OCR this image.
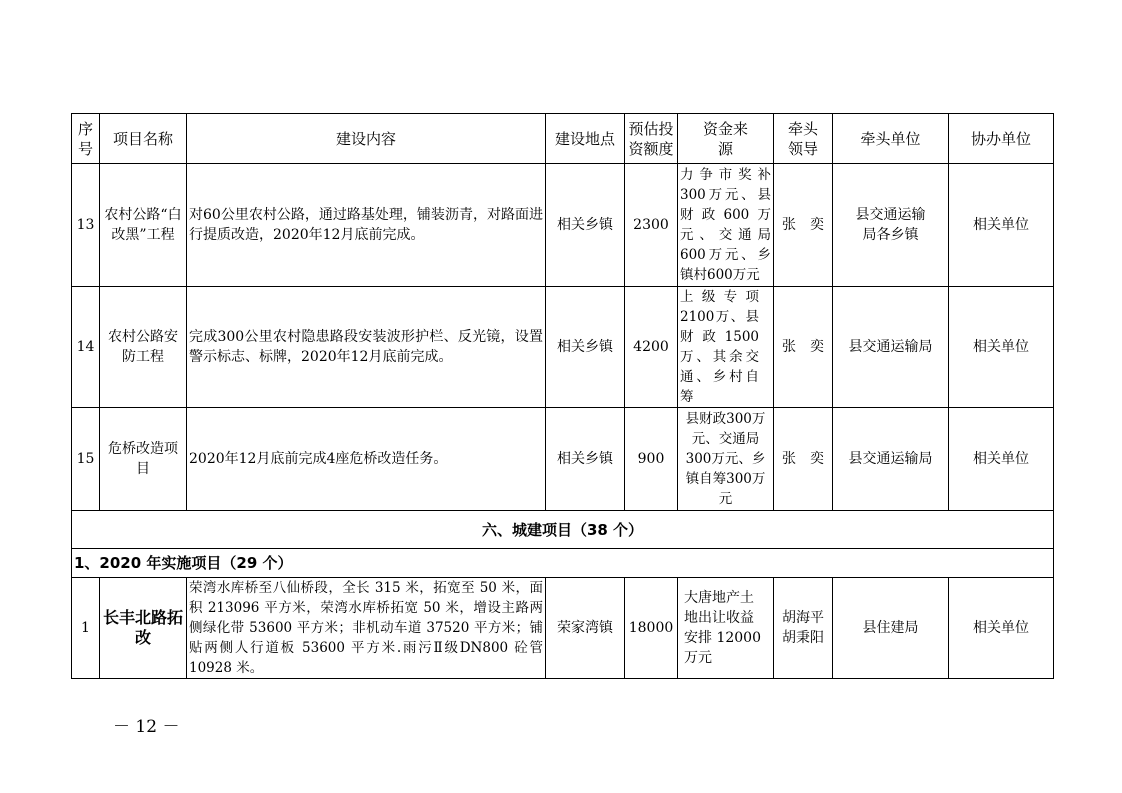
序号	项目名称	建设内容	建设地点	预估投资额度	资金来源	牵头领导	牵头单位	协办单位
13	农村公路“白改黑”工程	对60公里农村公路，通过路基处理，铺装沥青，对路面进行提质改造，2020年12月底前完成。	相关乡镇	2300	力争市奖补300万元、县财政600万元、交通局600万元、乡镇村600万元	张　奕	县交通运输局各乡镇	相关单位
14	农村公路安防工程	完成300公里农村隐患路段安装波形护栏、反光镜，设置警示标志、标牌，2020年12月底前完成。	相关乡镇	4200	上级专项2100万、县财政1500万、其余交通、乡村自筹	张　奕	县交通运输局	相关单位
15	危桥改造项目	2020年12月底前完成4座危桥改造任务。	相关乡镇	900	县财政300万元、交通局300万元、乡镇自筹300万元	张　奕	县交通运输局	相关单位
六、城建项目（38 个）								
1、2020 年实施项目（29 个）								
1	长丰北路拓改	荣湾水库桥至八仙桥段，全长 315 米，拓宽至 50 米，面积 213096 平方米，荣湾水库桥拓宽 50 米，增设主路两侧绿化带 53600 平方米；非机动车道 37520 平方米；铺贴两侧人行道板 53600 平方米.雨污Ⅱ级DN800 砼管 10928 米。	荣家湾镇	18000	大唐地产土地出让收益安排 12000 万元	胡海平 胡秉阳	县住建局	相关单位
－ 12 －
